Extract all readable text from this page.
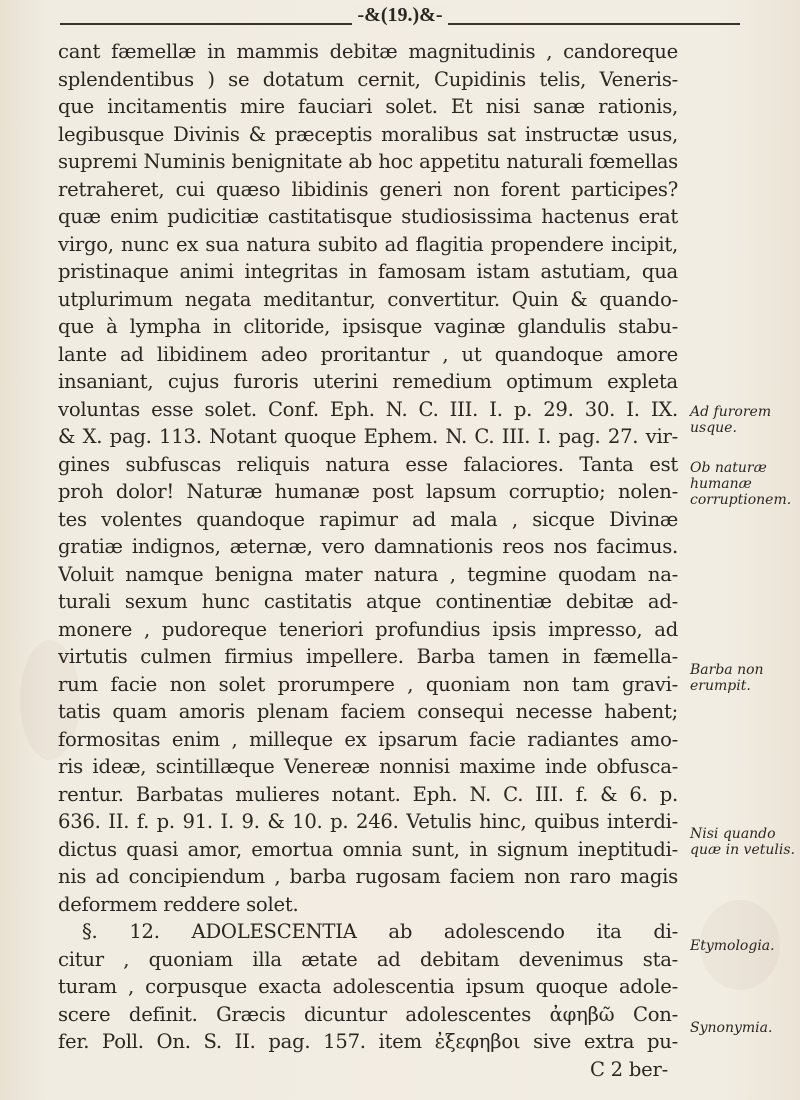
-&(19.)&-
cant fæmellæ in mammis debitæ magnitudinis , candoreque
splendentibus ) se dotatum cernit, Cupidinis telis, Veneris-
que incitamentis mire fauciari solet. Et nisi sanæ rationis,
legibusque Divinis & præceptis moralibus sat instructæ usus,
supremi Numinis benignitate ab hoc appetitu naturali fœmellas
retraheret, cui quæso libidinis generi non forent participes?
quæ enim pudicitiæ castitatisque studiosissima hactenus erat
virgo, nunc ex sua natura subito ad flagitia propendere incipit,
pristinaque animi integritas in famosam istam astutiam, qua
utplurimum negata meditantur, convertitur. Quin & quando-
que à lympha in clitoride, ipsisque vaginæ glandulis stabu-
lante ad libidinem adeo proritantur , ut quandoque amore
insaniant, cujus furoris uterini remedium optimum expleta
voluntas esse solet. Conf. Eph. N. C. III. I. p. 29. 30. I. IX.
& X. pag. 113. Notant quoque Ephem. N. C. III. I. pag. 27. vir-
gines subfuscas reliquis natura esse falaciores. Tanta est
proh dolor! Naturæ humanæ post lapsum corruptio; nolen-
tes volentes quandoque rapimur ad mala , sicque Divinæ
gratiæ indignos, æternæ, vero damnationis reos nos facimus.
Voluit namque benigna mater natura , tegmine quodam na-
turali sexum hunc castitatis atque continentiæ debitæ ad-
monere , pudoreque teneriori profundius ipsis impresso, ad
virtutis culmen firmius impellere. Barba tamen in fæmella-
rum facie non solet prorumpere , quoniam non tam gravi-
tatis quam amoris plenam faciem consequi necesse habent;
formositas enim , milleque ex ipsarum facie radiantes amo-
ris ideæ, scintillæque Venereæ nonnisi maxime inde obfusca-
rentur. Barbatas mulieres notant. Eph. N. C. III. f. & 6. p.
636. II. f. p. 91. I. 9. & 10. p. 246. Vetulis hinc, quibus interdi-
dictus quasi amor, emortua omnia sunt, in signum ineptitudi-
nis ad concipiendum , barba rugosam faciem non raro magis
deformem reddere solet.
§. 12. ADOLESCENTIA ab adolescendo ita di-
citur , quoniam illa ætate ad debitam devenimus sta-
turam , corpusque exacta adolescentia ipsum quoque adole-
scere definit. Græcis dicuntur adolescentes ἀφηβῶ Con-
fer. Poll. On. S. II. pag. 157. item ἐξεφηβοι sive extra pu-
C 2 ber-
Ad furorem usque.
Ob naturæ humanæ corruptionem.
Barba non erumpit.
Nisi quando quæ in vetulis.
Etymologia.
Synonymia.
